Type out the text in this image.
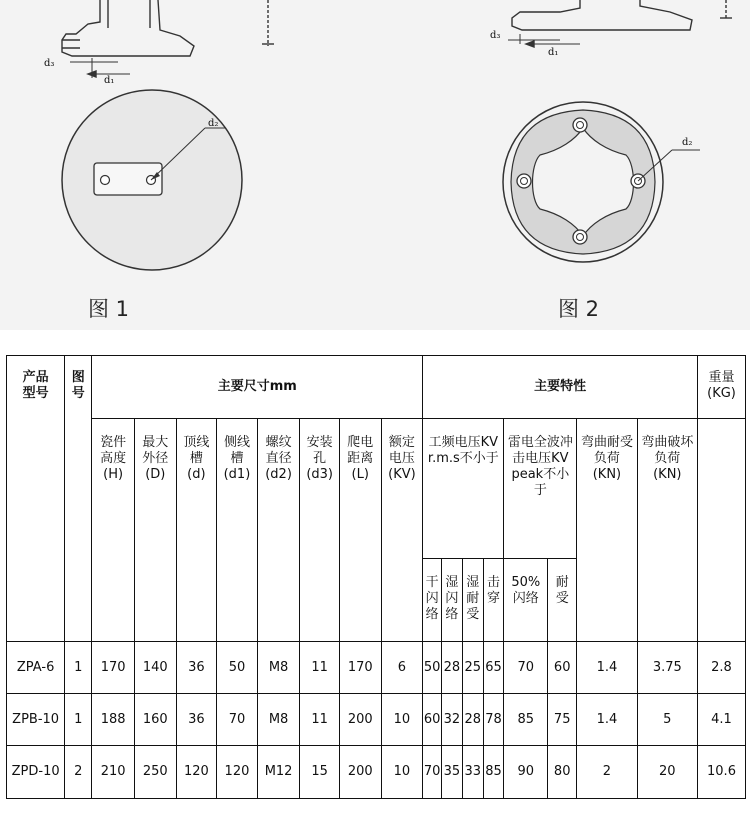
d₃
d₁
d₂
d₃
d₁
d₂
图 1	图 2
产品型号	图号	主要尺寸mm								主要特性								重量(KG)
		瓷件高度(H)	最大外径(D)	顶线槽(d)	侧线槽(d1)	螺纹直径(d2)	安装孔(d3)	爬电距离(L)	额定电压(KV)	工频电压KV r.m.s不小于				雷电全波冲击电压KV peak不小于		弯曲耐受负荷(KN)	弯曲破坏负荷(KN)	
										干闪络	湿闪络	湿耐受	击穿	50%闪络	耐受			
ZPA-6	1	170	140	36	50	M8	11	170	6	50	28	25	65	70	60	1.4	3.75	2.8
ZPB-10	1	188	160	36	70	M8	11	200	10	60	32	28	78	85	75	1.4	5	4.1
ZPD-10	2	210	250	120	120	M12	15	200	10	70	35	33	85	90	80	2	20	10.6
